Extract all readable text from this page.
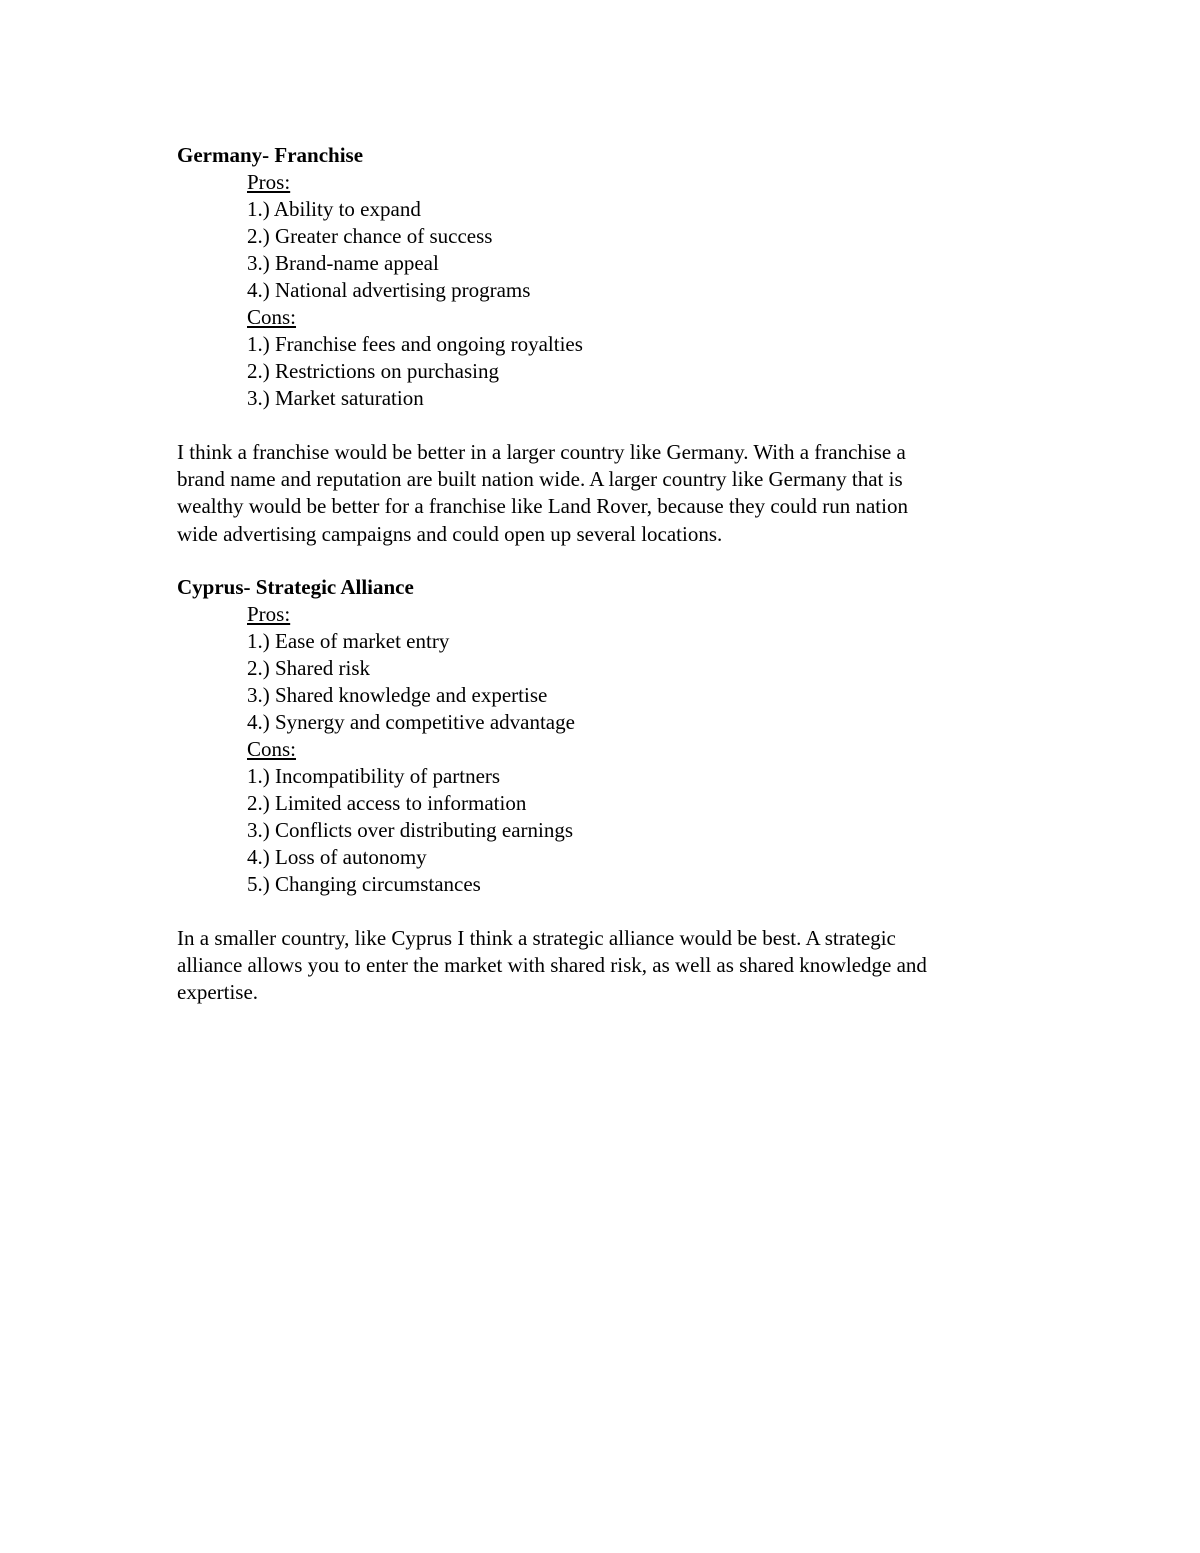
Germany- Franchise
Pros:
1.) Ability to expand
2.) Greater chance of success
3.) Brand-name appeal
4.) National advertising programs
Cons:
1.) Franchise fees and ongoing royalties
2.) Restrictions on purchasing
3.) Market saturation
I think a franchise would be better in a larger country like Germany. With a franchise a
brand name and reputation are built nation wide. A larger country like Germany that is
wealthy would be better for a franchise like Land Rover, because they could run nation
wide advertising campaigns and could open up several locations.
Cyprus- Strategic Alliance
Pros:
1.) Ease of market entry
2.) Shared risk
3.) Shared knowledge and expertise
4.) Synergy and competitive advantage
Cons:
1.) Incompatibility of partners
2.) Limited access to information
3.) Conflicts over distributing earnings
4.) Loss of autonomy
5.) Changing circumstances
In a smaller country, like Cyprus I think a strategic alliance would be best. A strategic
alliance allows you to enter the market with shared risk, as well as shared knowledge and
expertise.
